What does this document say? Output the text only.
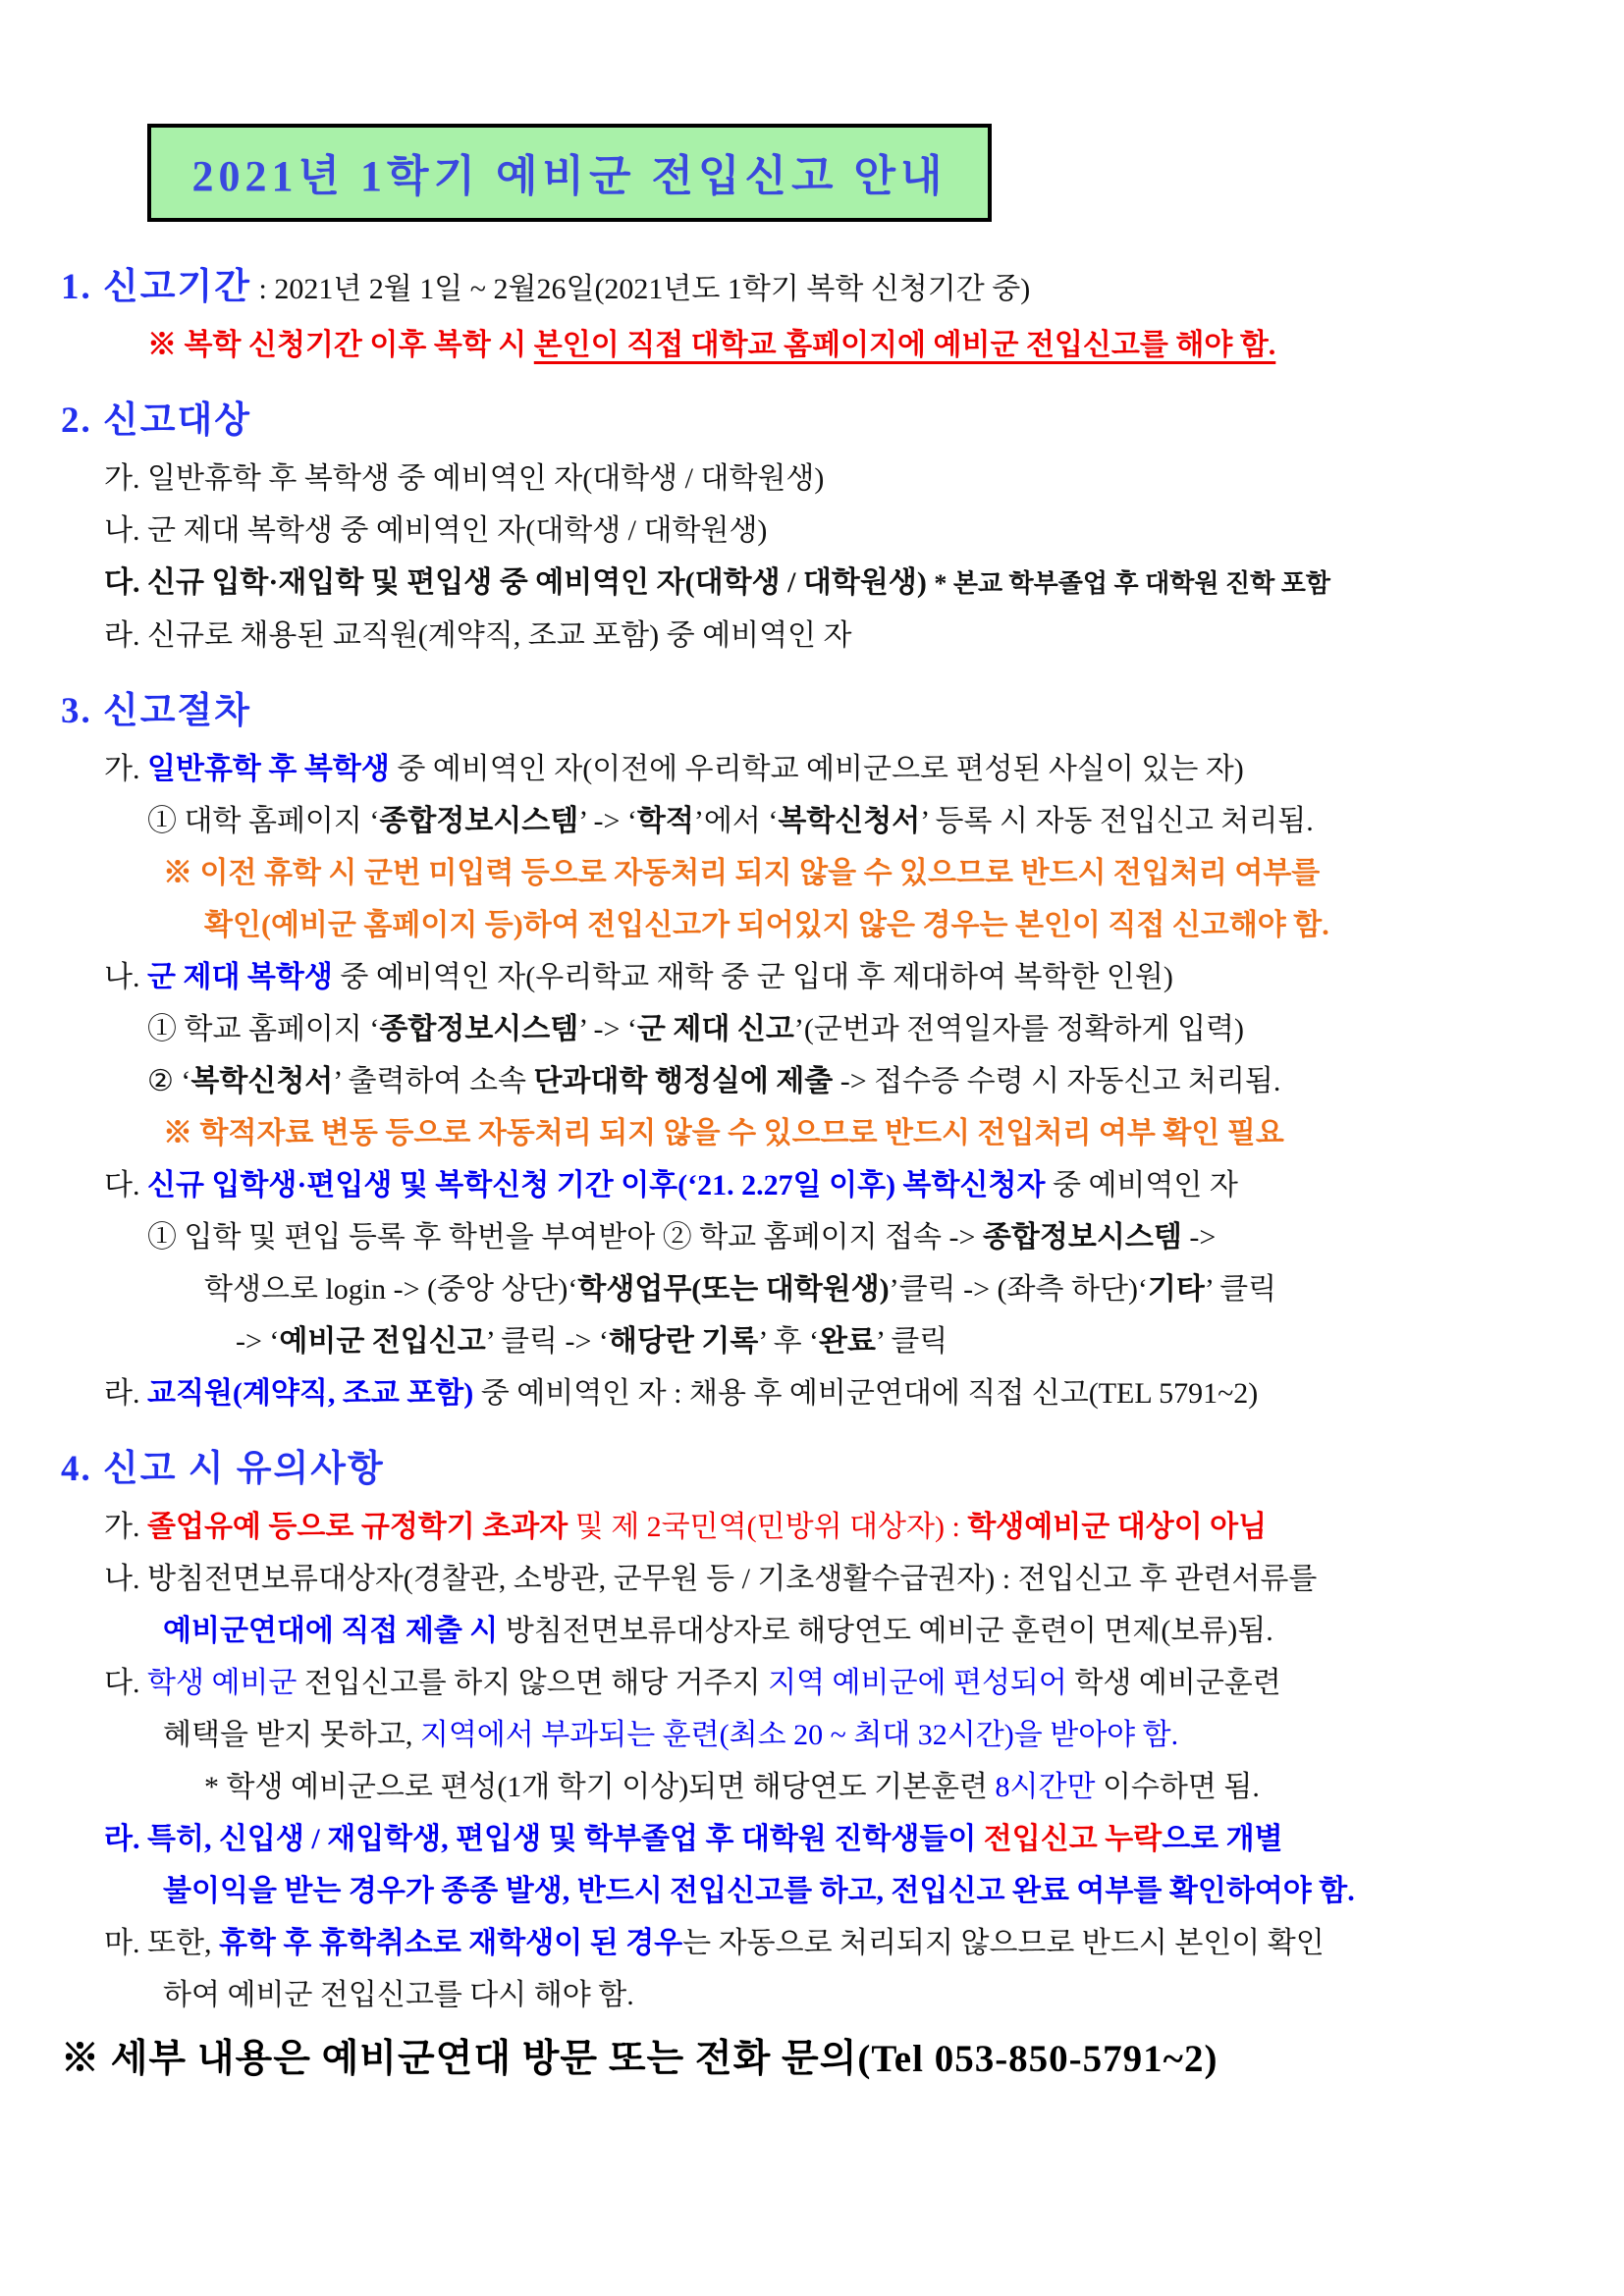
2021년 1학기 예비군 전입신고 안내
1. 신고기간 : 2021년 2월 1일 ~ 2월26일(2021년도 1학기 복학 신청기간 중)
※ 복학 신청기간 이후 복학 시 본인이 직접 대학교 홈페이지에 예비군 전입신고를 해야 함.
2. 신고대상
가. 일반휴학 후 복학생 중 예비역인 자(대학생 / 대학원생)
나. 군 제대 복학생 중 예비역인 자(대학생 / 대학원생)
다. 신규 입학·재입학 및 편입생 중 예비역인 자(대학생 / 대학원생) * 본교 학부졸업 후 대학원 진학 포함
라. 신규로 채용된 교직원(계약직, 조교 포함) 중 예비역인 자
3. 신고절차
가. 일반휴학 후 복학생 중 예비역인 자(이전에 우리학교 예비군으로 편성된 사실이 있는 자)
① 대학 홈페이지 ‘종합정보시스템’ -> ‘학적’에서 ‘복학신청서’ 등록 시 자동 전입신고 처리됨.
※ 이전 휴학 시 군번 미입력 등으로 자동처리 되지 않을 수 있으므로 반드시 전입처리 여부를
확인(예비군 홈페이지 등)하여 전입신고가 되어있지 않은 경우는 본인이 직접 신고해야 함.
나. 군 제대 복학생 중 예비역인 자(우리학교 재학 중 군 입대 후 제대하여 복학한 인원)
① 학교 홈페이지 ‘종합정보시스템’ -> ‘군 제대 신고’(군번과 전역일자를 정확하게 입력)
② ‘복학신청서’ 출력하여 소속 단과대학 행정실에 제출 -> 접수증 수령 시 자동신고 처리됨.
※ 학적자료 변동 등으로 자동처리 되지 않을 수 있으므로 반드시 전입처리 여부 확인 필요
다. 신규 입학생·편입생 및 복학신청 기간 이후(‘21. 2.27일 이후) 복학신청자 중 예비역인 자
① 입학 및 편입 등록 후 학번을 부여받아 ② 학교 홈페이지 접속 -> 종합정보시스템 ->
학생으로 login -> (중앙 상단)‘학생업무(또는 대학원생)’클릭 -> (좌측 하단)‘기타’ 클릭
-> ‘예비군 전입신고’ 클릭 -> ‘해당란 기록’ 후 ‘완료’ 클릭
라. 교직원(계약직, 조교 포함) 중 예비역인 자 : 채용 후 예비군연대에 직접 신고(TEL 5791~2)
4. 신고 시 유의사항
가. 졸업유예 등으로 규정학기 초과자 및 제 2국민역(민방위 대상자) : 학생예비군 대상이 아님
나. 방침전면보류대상자(경찰관, 소방관, 군무원 등 / 기초생활수급권자) : 전입신고 후 관련서류를
예비군연대에 직접 제출 시 방침전면보류대상자로 해당연도 예비군 훈련이 면제(보류)됨.
다. 학생 예비군 전입신고를 하지 않으면 해당 거주지 지역 예비군에 편성되어 학생 예비군훈련
혜택을 받지 못하고, 지역에서 부과되는 훈련(최소 20 ~ 최대 32시간)을 받아야 함.
* 학생 예비군으로 편성(1개 학기 이상)되면 해당연도 기본훈련 8시간만 이수하면 됨.
라. 특히, 신입생 / 재입학생, 편입생 및 학부졸업 후 대학원 진학생들이 전입신고 누락으로 개별
불이익을 받는 경우가 종종 발생, 반드시 전입신고를 하고, 전입신고 완료 여부를 확인하여야 함.
마. 또한, 휴학 후 휴학취소로 재학생이 된 경우는 자동으로 처리되지 않으므로 반드시 본인이 확인
하여 예비군 전입신고를 다시 해야 함.
※ 세부 내용은 예비군연대 방문 또는 전화 문의(Tel 053-850-5791~2)
